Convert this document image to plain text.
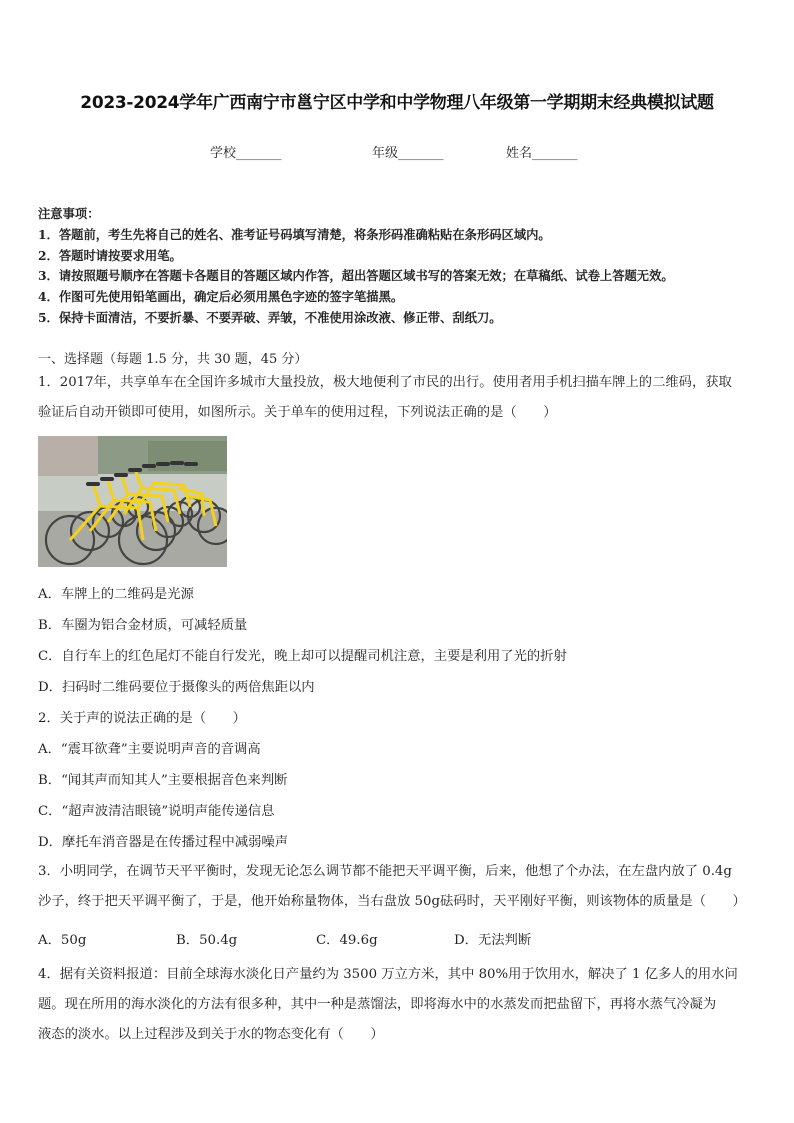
2023-2024学年广西南宁市邕宁区中学和中学物理八年级第一学期期末经典模拟试题
学校_______	年级_______	姓名_______
注意事项：
1．答题前，考生先将自己的姓名、准考证号码填写清楚，将条形码准确粘贴在条形码区域内。
2．答题时请按要求用笔。
3．请按照题号顺序在答题卡各题目的答题区域内作答，超出答题区域书写的答案无效；在草稿纸、试卷上答题无效。
4．作图可先使用铅笔画出，确定后必须用黑色字迹的签字笔描黑。
5．保持卡面清洁，不要折暴、不要弄破、弄皱，不准使用涂改液、修正带、刮纸刀。
一、选择题（每题 1.5 分，共 30 题，45 分）
1．2017年，共享单车在全国许多城市大量投放，极大地便利了市民的出行。使用者用手机扫描车牌上的二维码，获取
验证后自动开锁即可使用，如图所示。关于单车的使用过程，下列说法正确的是（　　）
A．车牌上的二维码是光源
B．车圈为铝合金材质，可减轻质量
C．自行车上的红色尾灯不能自行发光，晚上却可以提醒司机注意，主要是利用了光的折射
D．扫码时二维码要位于摄像头的两倍焦距以内
2．关于声的说法正确的是（　　）
A．“震耳欲聋”主要说明声音的音调高
B．“闻其声而知其人”主要根据音色来判断
C．“超声波清洁眼镜”说明声能传递信息
D．摩托车消音器是在传播过程中减弱噪声
3．小明同学，在调节天平平衡时，发现无论怎么调节都不能把天平调平衡，后来，他想了个办法，在左盘内放了 0.4g
沙子，终于把天平调平衡了，于是，他开始称量物体，当右盘放 50g砝码时，天平刚好平衡，则该物体的质量是（　　）
A．50g	B．50.4g	C．49.6g	D．无法判断
4．据有关资料报道：目前全球海水淡化日产量约为 3500 万立方米，其中 80%用于饮用水，解决了 1 亿多人的用水问
题。现在所用的海水淡化的方法有很多种，其中一种是蒸馏法，即将海水中的水蒸发而把盐留下，再将水蒸气冷凝为
液态的淡水。以上过程涉及到关于水的物态变化有（　　）
